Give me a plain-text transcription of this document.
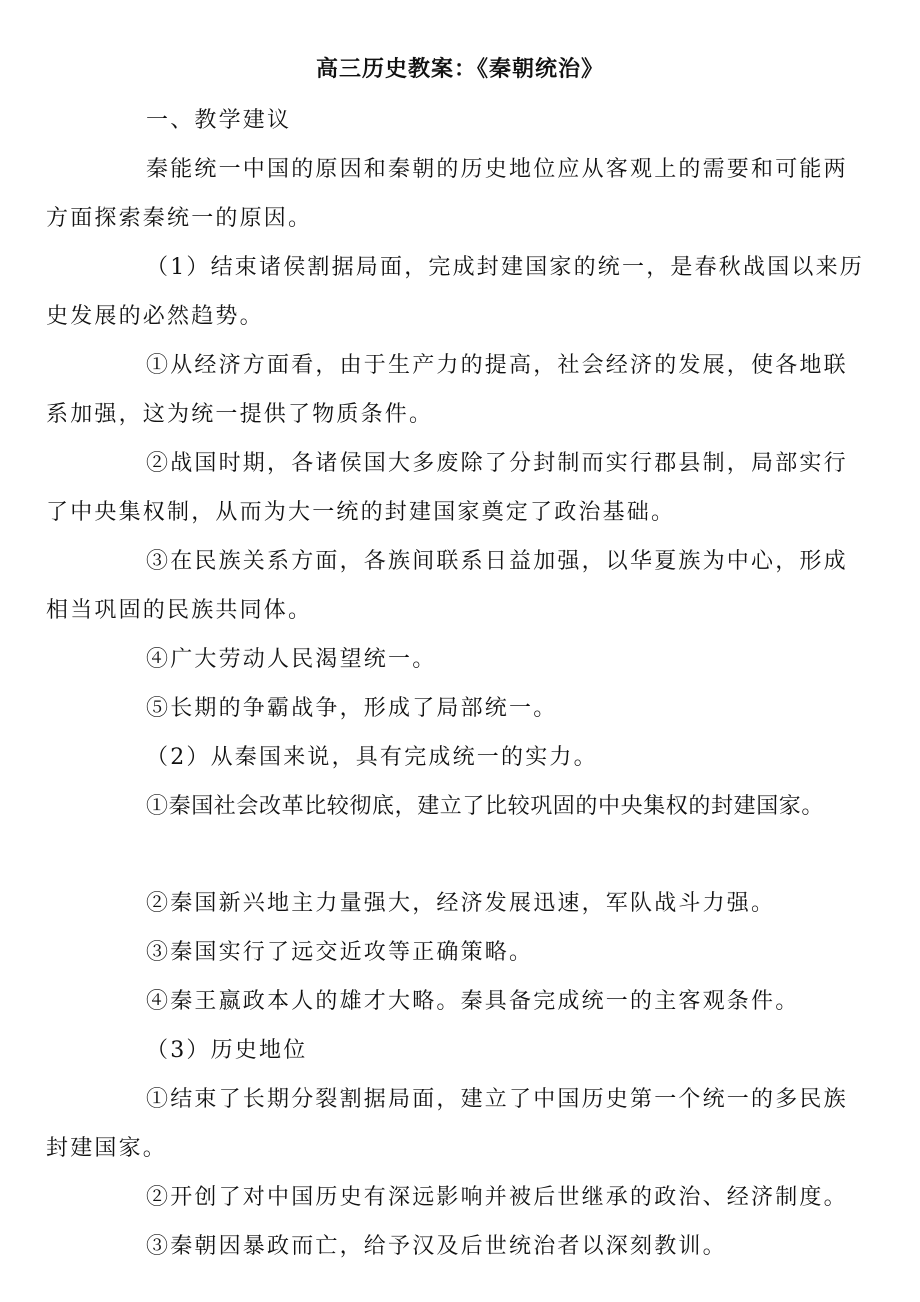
高三历史教案：《秦朝统治》
一、教学建议
秦能统一中国的原因和秦朝的历史地位应从客观上的需要和可能两
方面探索秦统一的原因。
（1）结束诸侯割据局面，完成封建国家的统一，是春秋战国以来历
史发展的必然趋势。
①从经济方面看，由于生产力的提高，社会经济的发展，使各地联
系加强，这为统一提供了物质条件。
②战国时期，各诸侯国大多废除了分封制而实行郡县制，局部实行
了中央集权制，从而为大一统的封建国家奠定了政治基础。
③在民族关系方面，各族间联系日益加强，以华夏族为中心，形成
相当巩固的民族共同体。
④广大劳动人民渴望统一。
⑤长期的争霸战争，形成了局部统一。
（2）从秦国来说，具有完成统一的实力。
①秦国社会改革比较彻底，建立了比较巩固的中央集权的封建国家。
②秦国新兴地主力量强大，经济发展迅速，军队战斗力强。
③秦国实行了远交近攻等正确策略。
④秦王嬴政本人的雄才大略。秦具备完成统一的主客观条件。
（3）历史地位
①结束了长期分裂割据局面，建立了中国历史第一个统一的多民族
封建国家。
②开创了对中国历史有深远影响并被后世继承的政治、经济制度。
③秦朝因暴政而亡，给予汉及后世统治者以深刻教训。
